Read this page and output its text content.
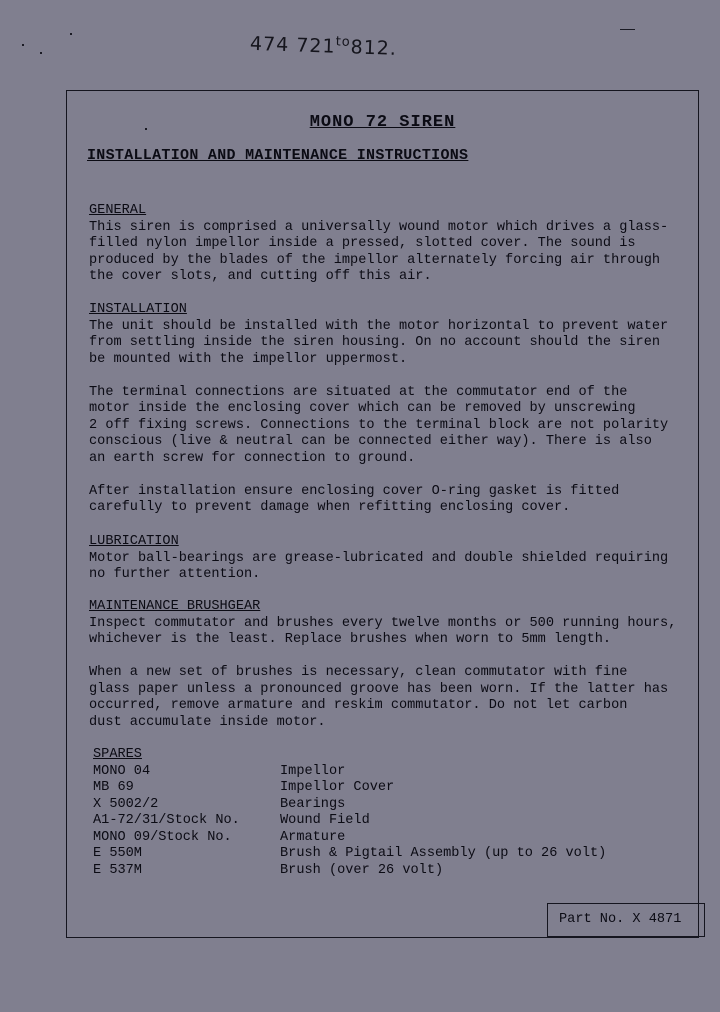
474 $721^{to}812$.
MONO 72 SIREN
INSTALLATION AND MAINTENANCE INSTRUCTIONS
GENERAL
This siren is comprised a universally wound motor which drives a glass-
filled nylon impellor inside a pressed, slotted cover. The sound is
produced by the blades of the impellor alternately forcing air through
the cover slots, and cutting off this air.
INSTALLATION
The unit should be installed with the motor horizontal to prevent water
from settling inside the siren housing. On no account should the siren
be mounted with the impellor uppermost.
The terminal connections are situated at the commutator end of the
motor inside the enclosing cover which can be removed by unscrewing
2 off fixing screws. Connections to the terminal block are not polarity
conscious (live & neutral can be connected either way). There is also
an earth screw for connection to ground.
After installation ensure enclosing cover O-ring gasket is fitted
carefully to prevent damage when refitting enclosing cover.
LUBRICATION
Motor ball-bearings are grease-lubricated and double shielded requiring
no further attention.
MAINTENANCE BRUSHGEAR
Inspect commutator and brushes every twelve months or 500 running hours,
whichever is the least. Replace brushes when worn to 5mm length.
When a new set of brushes is necessary, clean commutator with fine
glass paper unless a pronounced groove has been worn. If the latter has
occurred, remove armature and reskim commutator. Do not let carbon
dust accumulate inside motor.
SPARES
MONO 04	Impellor
MB 69	Impellor Cover
X 5002/2	Bearings
A1-72/31/Stock No.	Wound Field
MONO 09/Stock No.	Armature
E 550M	Brush & Pigtail Assembly (up to 26 volt)
E 537M	Brush (over 26 volt)
Part No. X 4871
